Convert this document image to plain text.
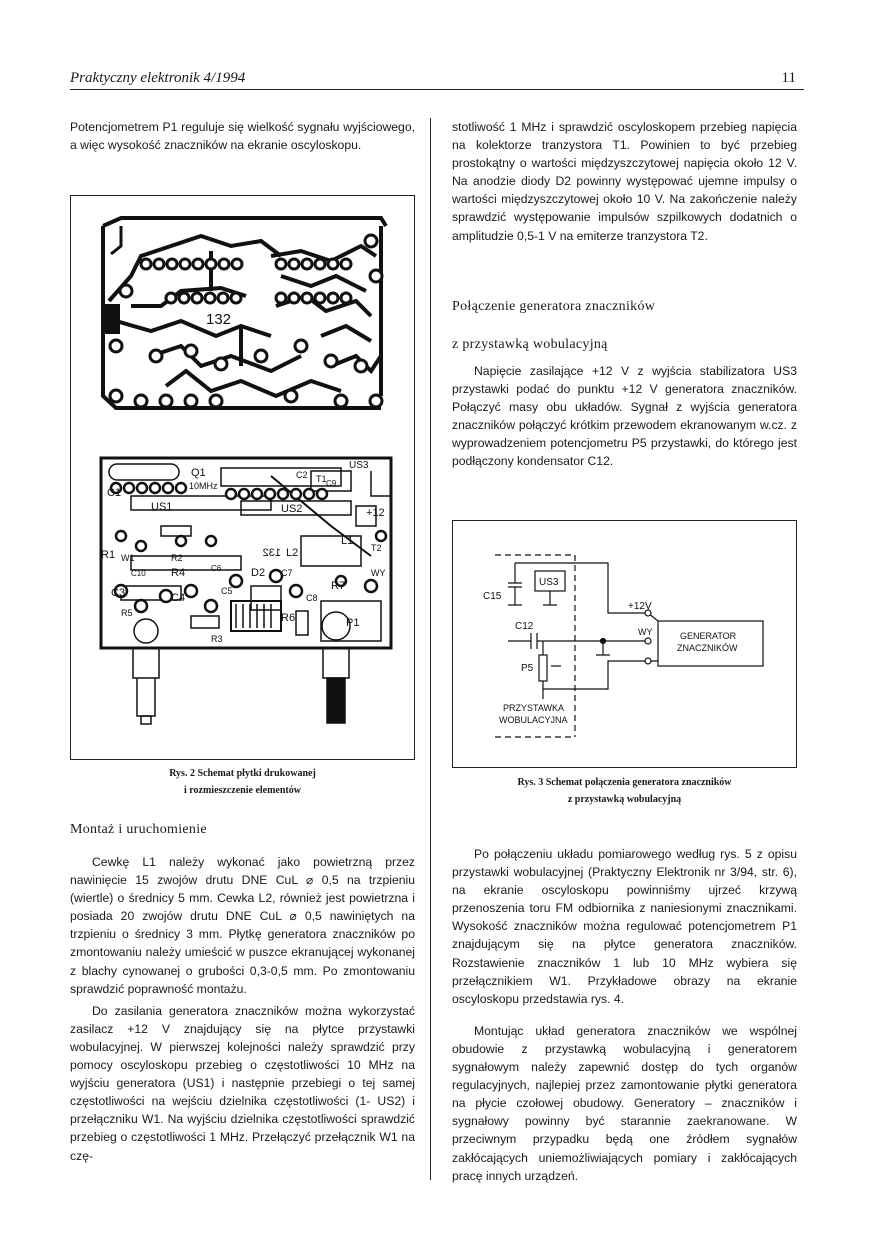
Praktyczny elektronik 4/1994	11

Potencjometrem P1 reguluje się wielkość sygnału wyjściowego, a więc wysokość znaczników na ekranie oscyloskopu.

132
Q1
10MHz
C1
US1	US2
US3
T1
C2
+12
R1 W1	R2	L2
132
L1
T2
R4	D2 C7
R7
WY
C3	C4
C5
C8
C9
C10
C6
R3
R5	R6	P1
Rys. 2 Schemat płytki drukowanej
i rozmieszczenie elementów
Montaż i uruchomienie

Cewkę L1 należy wykonać jako powietrzną przez nawinięcie 15 zwojów drutu DNE CuL ⌀ 0,5 na trzpieniu (wiertle) o średnicy 5 mm. Cewka L2, również jest powietrzna i posiada 20 zwojów drutu DNE CuL ⌀ 0,5 nawiniętych na trzpieniu o średnicy 3 mm. Płytkę generatora znaczników po zmontowaniu należy umieścić w puszce ekranującej wykonanej z blachy cynowanej o grubości 0,3-0,5 mm. Po zmontowaniu sprawdzić poprawność montażu.

Do zasilania generatora znaczników można wykorzystać zasilacz +12 V znajdujący się na płytce przystawki wobulacyjnej. W pierwszej kolejności należy sprawdzić przy pomocy oscyloskopu przebieg o częstotliwości 10 MHz na wyjściu generatora (US1) i następnie przebiegi o tej samej częstotliwości na wejściu dzielnika częstotliwości (1- US2) i przełączniku W1. Na wyjściu dzielnika częstotliwości sprawdzić przebieg o częstotliwości 1 MHz. Przełączyć przełącznik W1 na czę-

stotliwość 1 MHz i sprawdzić oscyloskopem przebieg napięcia na kolektorze tranzystora T1. Powinien to być przebieg prostokątny o wartości międzyszczytowej napięcia około 12 V. Na anodzie diody D2 powinny występować ujemne impulsy o wartości międzyszczytowej około 10 V. Na zakończenie należy sprawdzić występowanie impulsów szpilkowych dodatnich o amplitudzie 0,5-1 V na emiterze tranzystora T2.

Połączenie generatora znaczników
z przystawką wobulacyjną

Napięcie zasilające +12 V z wyjścia stabilizatora US3 przystawki podać do punktu +12 V generatora znaczników. Połączyć masy obu układów. Sygnał z wyjścia generatora znaczników połączyć krótkim przewodem ekranowanym w.cz. z wyprowadzeniem potencjometru P5 przystawki, do którego jest podłączony kondensator C12.

US3
C15
C12
P5
+12V
WY	GENERATOR
ZNACZNIKÓW
PRZYSTAWKA
WOBULACYJNA
Rys. 3 Schemat połączenia generatora znaczników
z przystawką wobulacyjną

Po połączeniu układu pomiarowego według rys. 5 z opisu przystawki wobulacyjnej (Praktyczny Elektronik nr 3/94, str. 6), na ekranie oscyloskopu powinniśmy ujrzeć krzywą przenoszenia toru FM odbiornika z naniesionymi znacznikami. Wysokość znaczników można regulować potencjometrem P1 znajdującym się na płytce generatora znaczników. Rozstawienie znaczników 1 lub 10 MHz wybiera się przełącznikiem W1. Przykładowe obrazy na ekranie oscyloskopu przedstawia rys. 4.

Montując układ generatora znaczników we wspólnej obudowie z przystawką wobulacyjną i generatorem sygnałowym należy zapewnić dostęp do tych organów regulacyjnych, najlepiej przez zamontowanie płytki generatora na płycie czołowej obudowy. Generatory – znaczników i sygnałowy powinny być starannie zaekranowane. W przeciwnym przypadku będą one źródłem sygnałów zakłócających uniemożliwiających pomiary i zakłócających pracę innych urządzeń.
